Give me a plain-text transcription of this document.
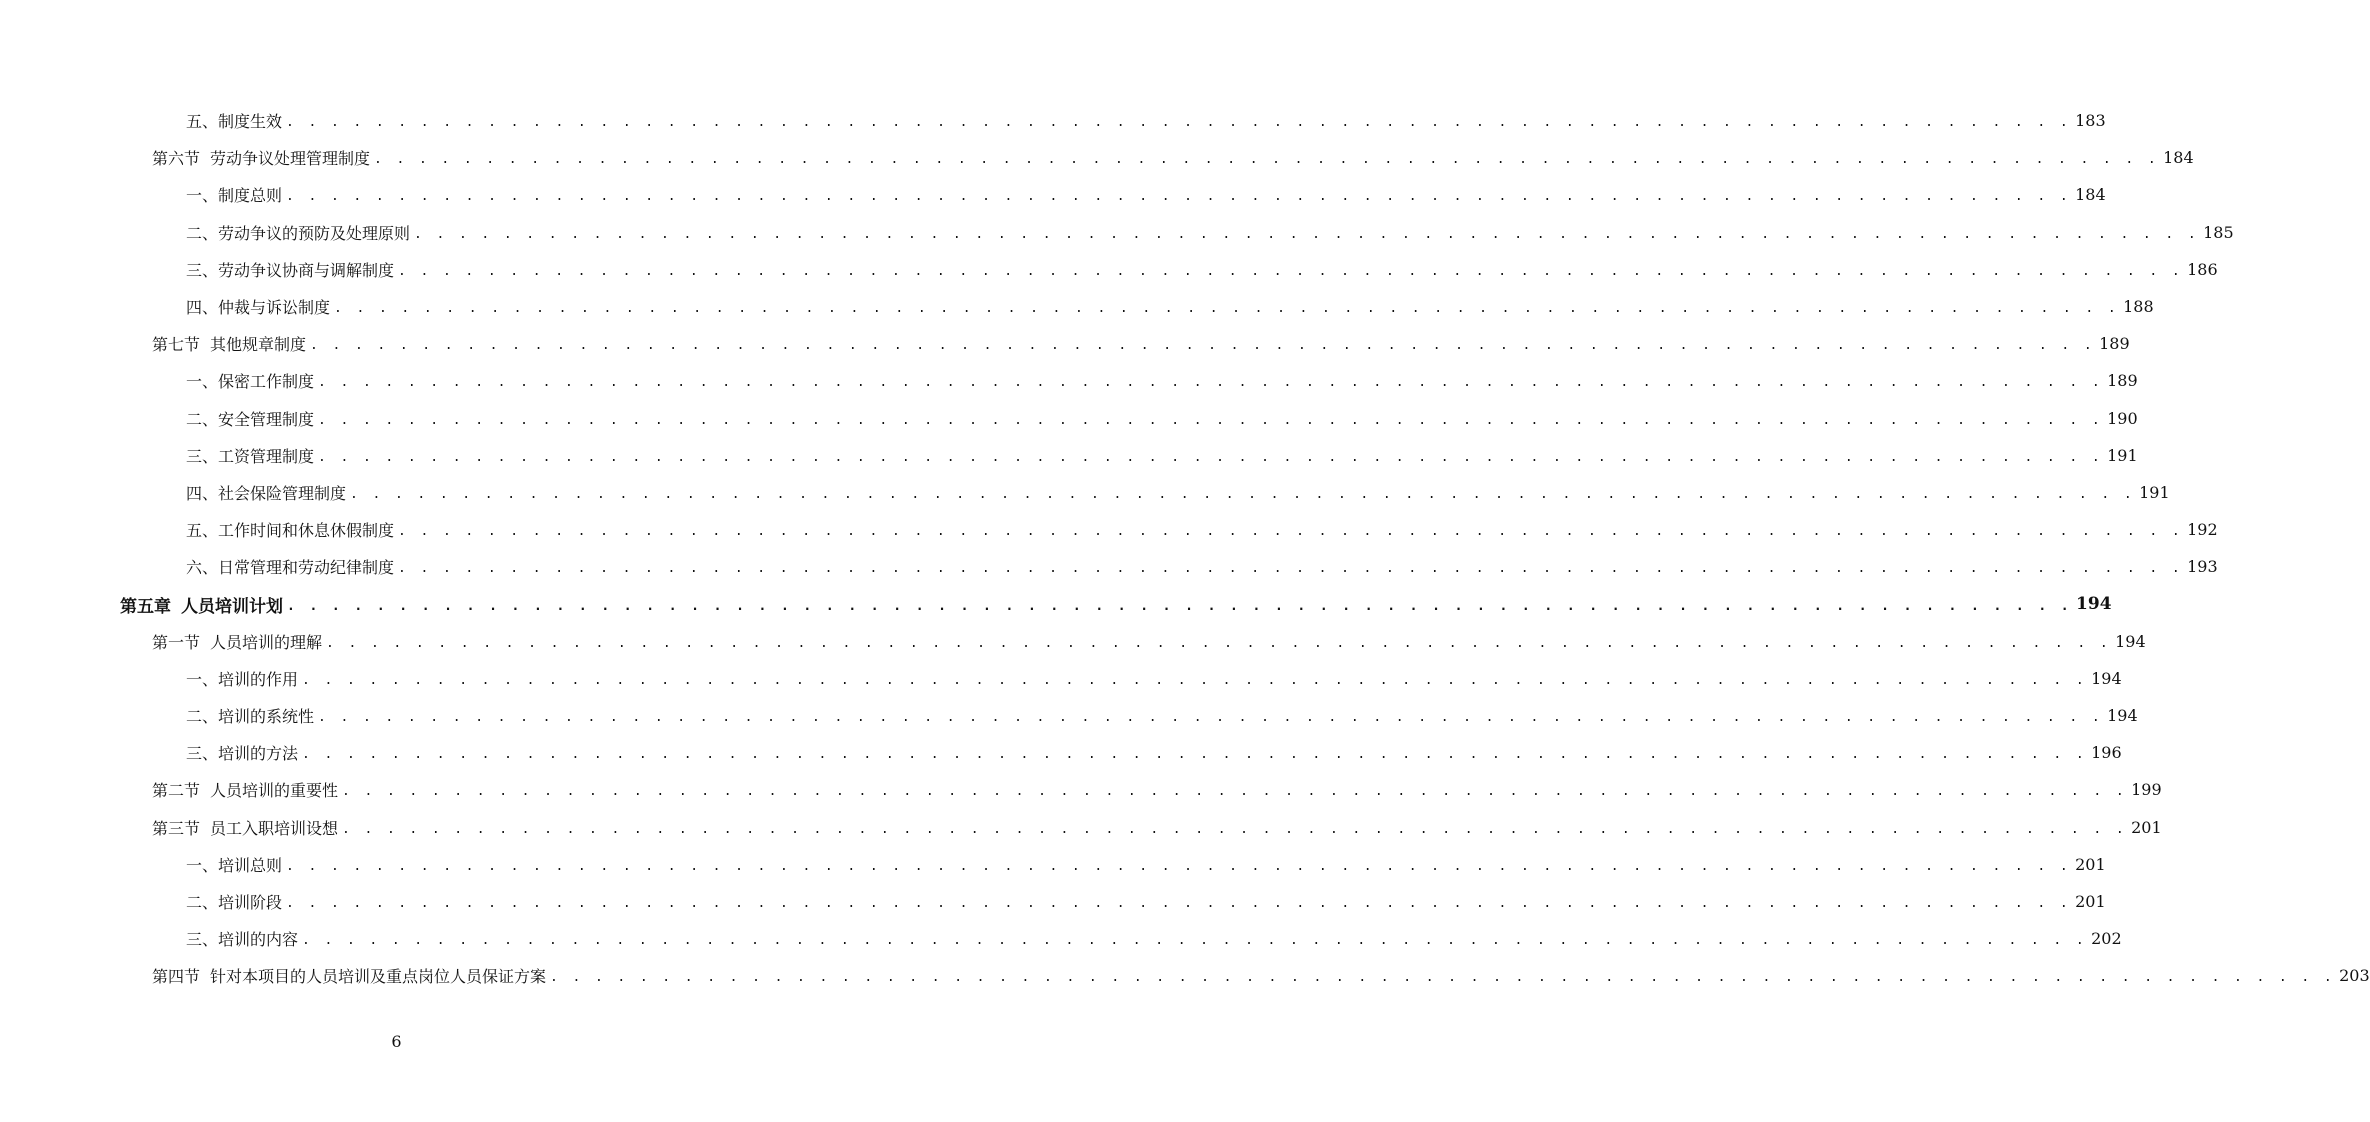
五、制度生效 . . . . . . . . . . . . . . . . . . . . . . . . . . . . . . . . . . . . . . . . . . . . . . . . . . . . . . . . . . . . . . . . . . . . . . . . . . . . . . . . 183
第六节 劳动争议处理管理制度 . . . . . . . . . . . . . . . . . . . . . . . . . . . . . . . . . . . . . . . . . . . . . . . . . . . . . . . . . . . . . . . . . . . . . . . . . . . . . . . . 184
一、制度总则 . . . . . . . . . . . . . . . . . . . . . . . . . . . . . . . . . . . . . . . . . . . . . . . . . . . . . . . . . . . . . . . . . . . . . . . . . . . . . . . . 184
二、劳动争议的预防及处理原则 . . . . . . . . . . . . . . . . . . . . . . . . . . . . . . . . . . . . . . . . . . . . . . . . . . . . . . . . . . . . . . . . . . . . . . . . . . . . . . . . 185
三、劳动争议协商与调解制度 . . . . . . . . . . . . . . . . . . . . . . . . . . . . . . . . . . . . . . . . . . . . . . . . . . . . . . . . . . . . . . . . . . . . . . . . . . . . . . . . 186
四、仲裁与诉讼制度 . . . . . . . . . . . . . . . . . . . . . . . . . . . . . . . . . . . . . . . . . . . . . . . . . . . . . . . . . . . . . . . . . . . . . . . . . . . . . . . . 188
第七节 其他规章制度 . . . . . . . . . . . . . . . . . . . . . . . . . . . . . . . . . . . . . . . . . . . . . . . . . . . . . . . . . . . . . . . . . . . . . . . . . . . . . . . . 189
一、保密工作制度 . . . . . . . . . . . . . . . . . . . . . . . . . . . . . . . . . . . . . . . . . . . . . . . . . . . . . . . . . . . . . . . . . . . . . . . . . . . . . . . . 189
二、安全管理制度 . . . . . . . . . . . . . . . . . . . . . . . . . . . . . . . . . . . . . . . . . . . . . . . . . . . . . . . . . . . . . . . . . . . . . . . . . . . . . . . . 190
三、工资管理制度 . . . . . . . . . . . . . . . . . . . . . . . . . . . . . . . . . . . . . . . . . . . . . . . . . . . . . . . . . . . . . . . . . . . . . . . . . . . . . . . . 191
四、社会保险管理制度 . . . . . . . . . . . . . . . . . . . . . . . . . . . . . . . . . . . . . . . . . . . . . . . . . . . . . . . . . . . . . . . . . . . . . . . . . . . . . . . . 191
五、工作时间和休息休假制度 . . . . . . . . . . . . . . . . . . . . . . . . . . . . . . . . . . . . . . . . . . . . . . . . . . . . . . . . . . . . . . . . . . . . . . . . . . . . . . . . 192
六、日常管理和劳动纪律制度 . . . . . . . . . . . . . . . . . . . . . . . . . . . . . . . . . . . . . . . . . . . . . . . . . . . . . . . . . . . . . . . . . . . . . . . . . . . . . . . . 193
第五章 人员培训计划 . . . . . . . . . . . . . . . . . . . . . . . . . . . . . . . . . . . . . . . . . . . . . . . . . . . . . . . . . . . . . . . . . . . . . . . . . . . . . . . . 194
第一节 人员培训的理解 . . . . . . . . . . . . . . . . . . . . . . . . . . . . . . . . . . . . . . . . . . . . . . . . . . . . . . . . . . . . . . . . . . . . . . . . . . . . . . . . 194
一、培训的作用 . . . . . . . . . . . . . . . . . . . . . . . . . . . . . . . . . . . . . . . . . . . . . . . . . . . . . . . . . . . . . . . . . . . . . . . . . . . . . . . . 194
二、培训的系统性 . . . . . . . . . . . . . . . . . . . . . . . . . . . . . . . . . . . . . . . . . . . . . . . . . . . . . . . . . . . . . . . . . . . . . . . . . . . . . . . . 194
三、培训的方法 . . . . . . . . . . . . . . . . . . . . . . . . . . . . . . . . . . . . . . . . . . . . . . . . . . . . . . . . . . . . . . . . . . . . . . . . . . . . . . . . 196
第二节 人员培训的重要性 . . . . . . . . . . . . . . . . . . . . . . . . . . . . . . . . . . . . . . . . . . . . . . . . . . . . . . . . . . . . . . . . . . . . . . . . . . . . . . . . 199
第三节 员工入职培训设想 . . . . . . . . . . . . . . . . . . . . . . . . . . . . . . . . . . . . . . . . . . . . . . . . . . . . . . . . . . . . . . . . . . . . . . . . . . . . . . . . 201
一、培训总则 . . . . . . . . . . . . . . . . . . . . . . . . . . . . . . . . . . . . . . . . . . . . . . . . . . . . . . . . . . . . . . . . . . . . . . . . . . . . . . . . 201
二、培训阶段 . . . . . . . . . . . . . . . . . . . . . . . . . . . . . . . . . . . . . . . . . . . . . . . . . . . . . . . . . . . . . . . . . . . . . . . . . . . . . . . . 201
三、培训的内容 . . . . . . . . . . . . . . . . . . . . . . . . . . . . . . . . . . . . . . . . . . . . . . . . . . . . . . . . . . . . . . . . . . . . . . . . . . . . . . . . 202
第四节 针对本项目的人员培训及重点岗位人员保证方案 . . . . . . . . . . . . . . . . . . . . . . . . . . . . . . . . . . . . . . . . . . . . . . . . . . . . . . . . . . . . . . . . . . . . . . . . . . . . . . . . 203
6
